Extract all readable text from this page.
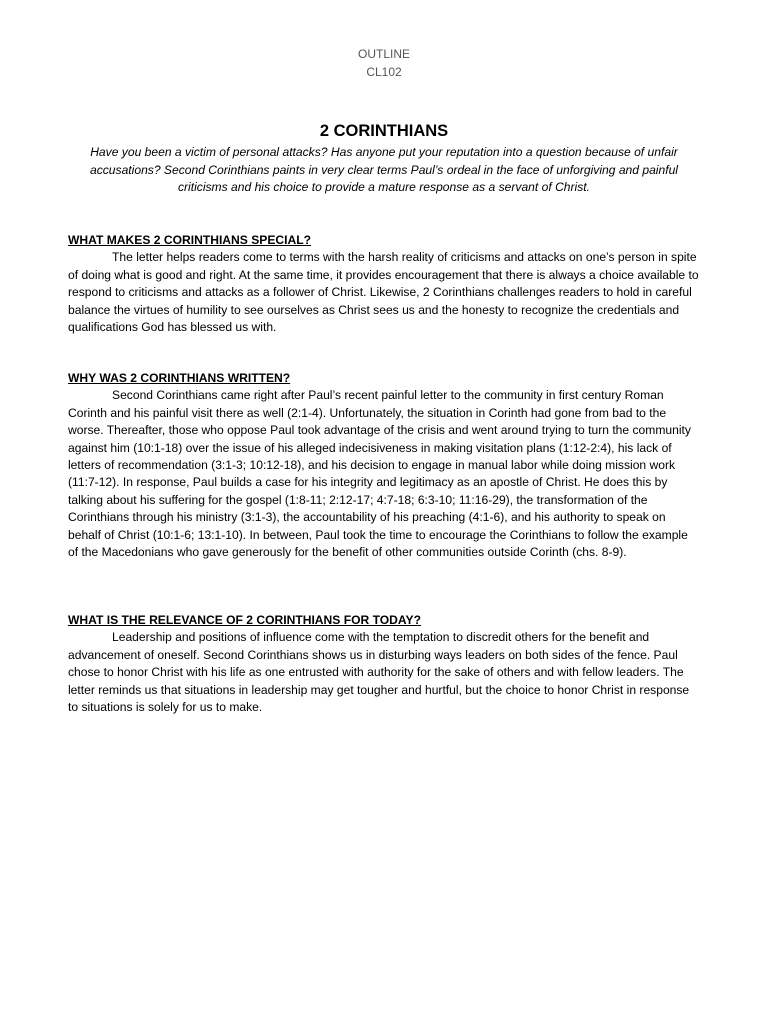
OUTLINE
CL102
2 CORINTHIANS
Have you been a victim of personal attacks? Has anyone put your reputation into a question because of unfair accusations? Second Corinthians paints in very clear terms Paul’s ordeal in the face of unforgiving and painful criticisms and his choice to provide a mature response as a servant of Christ.

WHAT MAKES 2 CORINTHIANS SPECIAL?

The letter helps readers come to terms with the harsh reality of criticisms and attacks on one’s person in spite of doing what is good and right. At the same time, it provides encouragement that there is always a choice available to respond to criticisms and attacks as a follower of Christ. Likewise, 2 Corinthians challenges readers to hold in careful balance the virtues of humility to see ourselves as Christ sees us and the honesty to recognize the credentials and qualifications God has blessed us with.

WHY WAS 2 CORINTHIANS WRITTEN?

Second Corinthians came right after Paul’s recent painful letter to the community in first century Roman Corinth and his painful visit there as well (2:1-4). Unfortunately, the situation in Corinth had gone from bad to the worse. Thereafter, those who oppose Paul took advantage of the crisis and went around trying to turn the community against him (10:1-18) over the issue of his alleged indecisiveness in making visitation plans (1:12-2:4), his lack of letters of recommendation (3:1-3; 10:12-18), and his decision to engage in manual labor while doing mission work (11:7-12). In response, Paul builds a case for his integrity and legitimacy as an apostle of Christ. He does this by talking about his suffering for the gospel (1:8-11; 2:12-17; 4:7-18; 6:3-10; 11:16-29), the transformation of the Corinthians through his ministry (3:1-3), the accountability of his preaching (4:1-6), and his authority to speak on behalf of Christ (10:1-6; 13:1-10). In between, Paul took the time to encourage the Corinthians to follow the example of the Macedonians who gave generously for the benefit of other communities outside Corinth (chs. 8-9).

WHAT IS THE RELEVANCE OF 2 CORINTHIANS FOR TODAY?

Leadership and positions of influence come with the temptation to discredit others for the benefit and advancement of oneself. Second Corinthians shows us in disturbing ways leaders on both sides of the fence. Paul chose to honor Christ with his life as one entrusted with authority for the sake of others and with fellow leaders. The letter reminds us that situations in leadership may get tougher and hurtful, but the choice to honor Christ in response to situations is solely for us to make.
